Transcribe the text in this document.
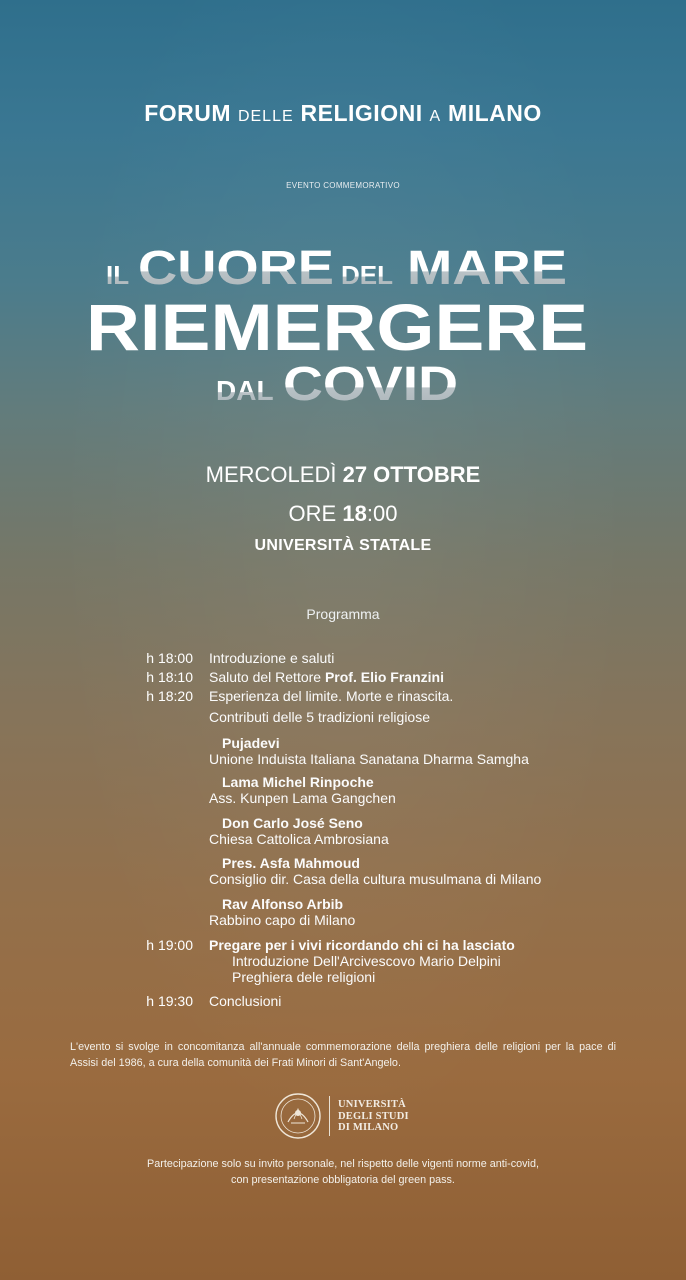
FORUM DELLE RELIGIONI A MILANO
EVENTO COMMEMORATIVO
IL CUORE DEL MARE
RIEMERGERE
DAL COVID
MERCOLEDÌ 27 OTTOBRE
ORE 18:00
UNIVERSITÀ STATALE
Programma
h 18:00 Introduzione e saluti
h 18:10 Saluto del Rettore Prof. Elio Franzini
h 18:20 Esperienza del limite. Morte e rinascita.
Contributi delle 5 tradizioni religiose
Pujadevi
Unione Induista Italiana Sanatana Dharma Samgha
Lama Michel Rinpoche
Ass. Kunpen Lama Gangchen
Don Carlo José Seno
Chiesa Cattolica Ambrosiana
Pres. Asfa Mahmoud
Consiglio dir. Casa della cultura musulmana di Milano
Rav Alfonso Arbib
Rabbino capo di Milano
h 19:00 Pregare per i vivi ricordando chi ci ha lasciato
Introduzione Dell'Arcivescovo Mario Delpini
Preghiera dele religioni
h 19:30 Conclusioni
L'evento si svolge in concomitanza all'annuale commemorazione della preghiera delle religioni per la pace di Assisi del 1986, a cura della comunità dei Frati Minori di Sant'Angelo.
UNIVERSITÀ
DEGLI STUDI
DI MILANO
Partecipazione solo su invito personale, nel rispetto delle vigenti norme anti-covid,
con presentazione obbligatoria del green pass.
